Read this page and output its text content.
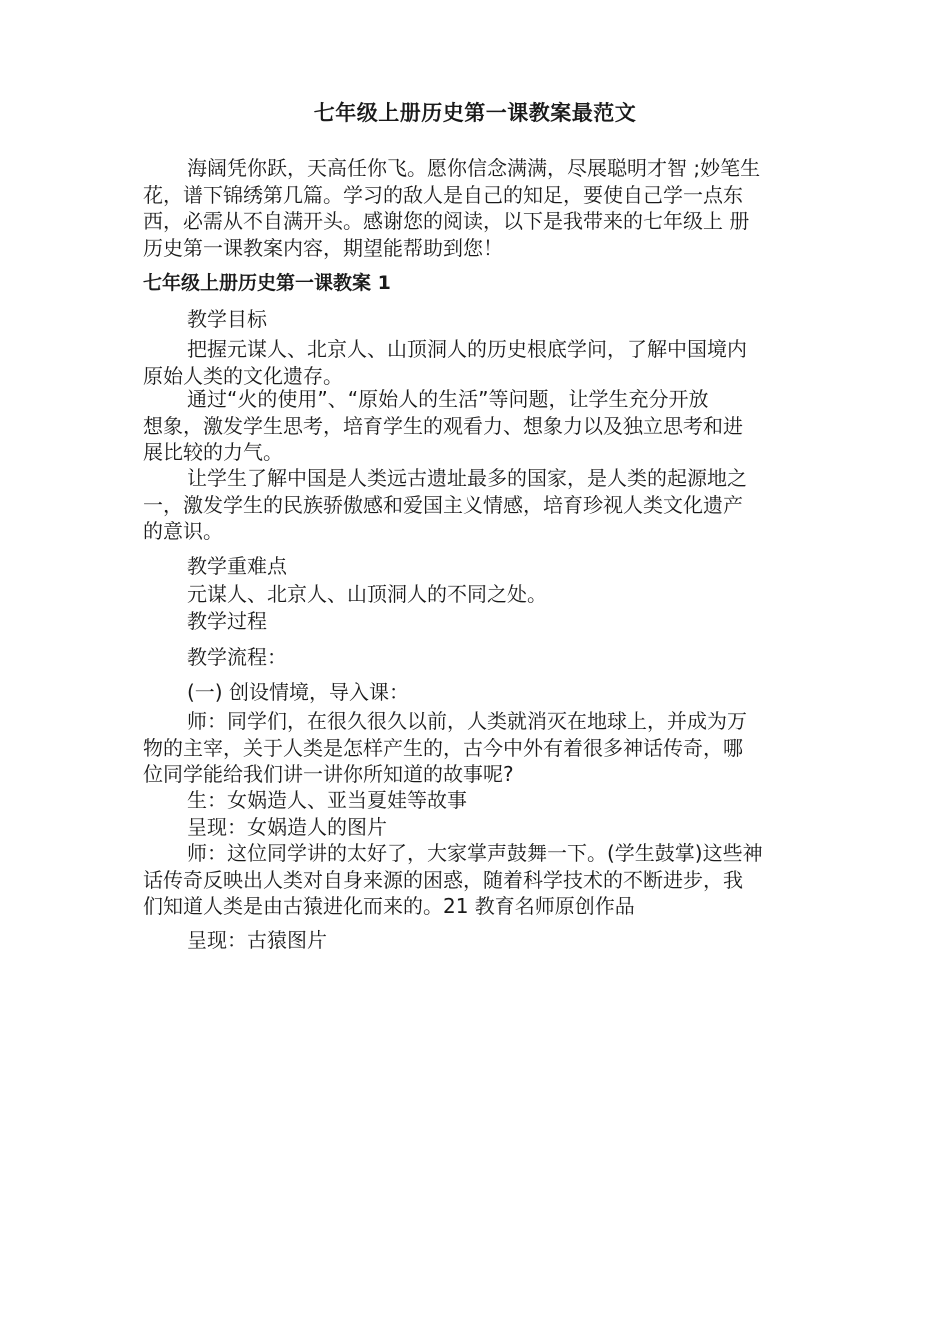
七年级上册历史第一课教案最范文
海阔凭你跃，天高任你飞。愿你信念满满，尽展聪明才智 ;妙笔生
花，谱下锦绣第几篇。学习的敌人是自己的知足，要使自己学一点东
西，必需从不自满开头。感谢您的阅读，以下是我带来的七年级上 册
历史第一课教案内容，期望能帮助到您！
七年级上册历史第一课教案 1
教学目标
把握元谋人、北京人、山顶洞人的历史根底学问，了解中国境内
原始人类的文化遗存。
通过“火的使用”、“原始人的生活”等问题，让学生充分开放
想象，激发学生思考，培育学生的观看力、想象力以及独立思考和进
展比较的力气。
让学生了解中国是人类远古遗址最多的国家，是人类的起源地之
一，激发学生的民族骄傲感和爱国主义情感，培育珍视人类文化遗产
的意识。
教学重难点
元谋人、北京人、山顶洞人的不同之处。
教学过程
教学流程：
(一) 创设情境，导入课：
师：同学们，在很久很久以前，人类就消灭在地球上，并成为万
物的主宰，关于人类是怎样产生的，古今中外有着很多神话传奇，哪
位同学能给我们讲一讲你所知道的故事呢?
生：女娲造人、亚当夏娃等故事
呈现：女娲造人的图片
师：这位同学讲的太好了，大家掌声鼓舞一下。(学生鼓掌)这些神
话传奇反映出人类对自身来源的困惑，随着科学技术的不断进步，我
们知道人类是由古猿进化而来的。21 教育名师原创作品
呈现：古猿图片
